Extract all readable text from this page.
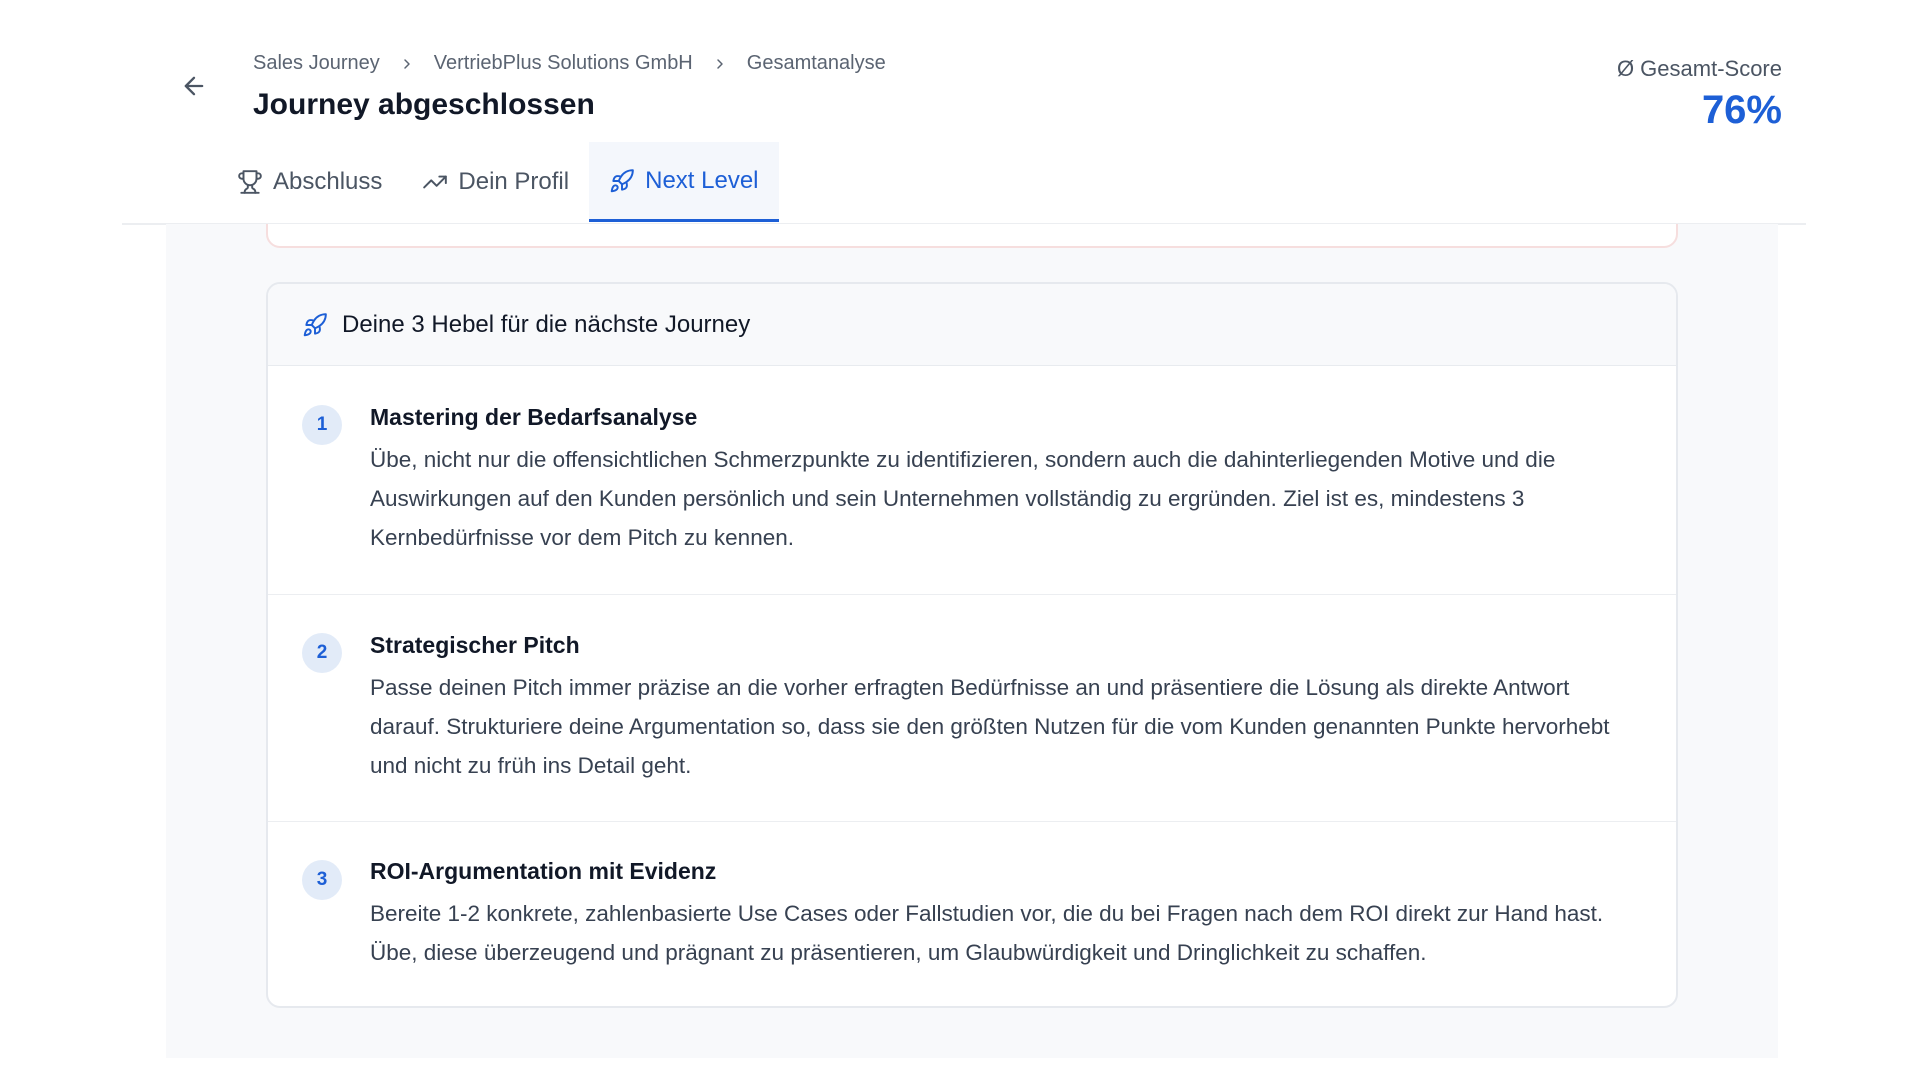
Sales Journey	VertriebPlus Solutions GmbH	Gesamtanalyse
Journey abgeschlossen
Ø Gesamt-Score
76%
Abschluss	Dein Profil	Next Level
Deine 3 Hebel für die nächste Journey
1	Mastering der Bedarfsanalyse
Übe, nicht nur die offensichtlichen Schmerzpunkte zu identifizieren, sondern auch die dahinterliegenden Motive und die Auswirkungen auf den Kunden persönlich und sein Unternehmen vollständig zu ergründen. Ziel ist es, mindestens 3 Kernbedürfnisse vor dem Pitch zu kennen.
2	Strategischer Pitch
Passe deinen Pitch immer präzise an die vorher erfragten Bedürfnisse an und präsentiere die Lösung als direkte Antwort darauf. Strukturiere deine Argumentation so, dass sie den größten Nutzen für die vom Kunden genannten Punkte hervorhebt und nicht zu früh ins Detail geht.
3	ROI-Argumentation mit Evidenz
Bereite 1-2 konkrete, zahlenbasierte Use Cases oder Fallstudien vor, die du bei Fragen nach dem ROI direkt zur Hand hast. Übe, diese überzeugend und prägnant zu präsentieren, um Glaubwürdigkeit und Dringlichkeit zu schaffen.
